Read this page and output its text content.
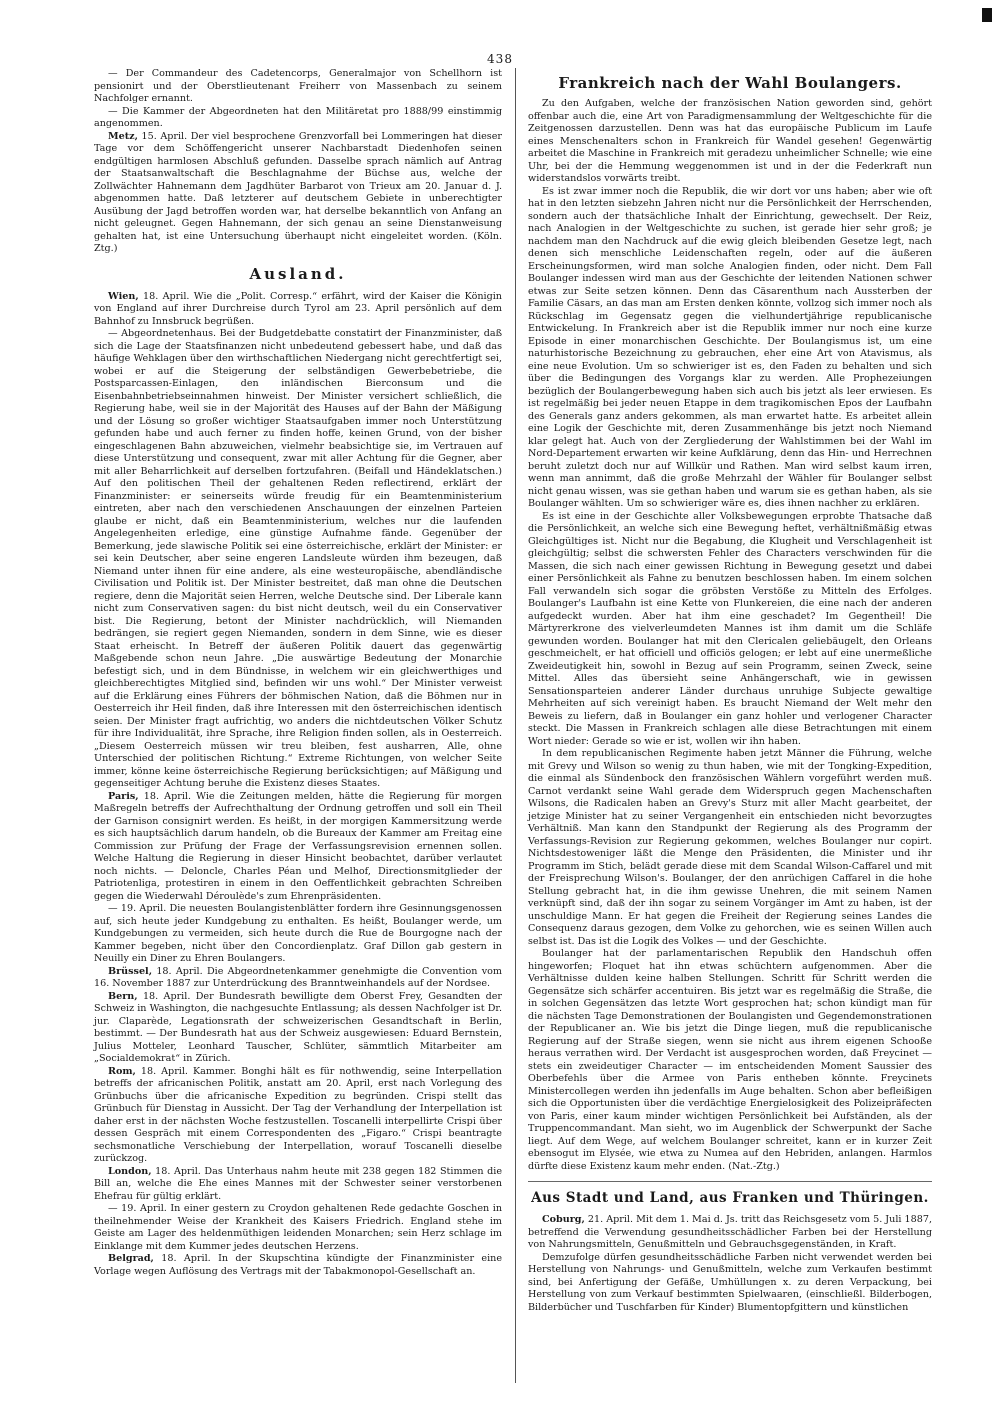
438

— Der Commandeur des Cadetencorps, Generalmajor von Schellhorn ist pensionirt und der Oberstlieutenant Freiherr von Massenbach zu seinem Nachfolger ernannt.

— Die Kammer der Abgeordneten hat den Militäretat pro 1888/99 einstimmig angenommen.

Metz, 15. April. Der viel besprochene Grenzvorfall bei Lommeringen hat dieser Tage vor dem Schöffengericht unserer Nachbarstadt Diedenhofen seinen endgültigen harmlosen Abschluß gefunden. Dasselbe sprach nämlich auf Antrag der Staatsanwaltschaft die Beschlagnahme der Büchse aus, welche der Zollwächter Hahnemann dem Jagdhüter Barbarot von Trieux am 20. Januar d. J. abgenommen hatte. Daß letzterer auf deutschem Gebiete in unberechtigter Ausübung der Jagd betroffen worden war, hat derselbe bekanntlich von Anfang an nicht geleugnet. Gegen Hahnemann, der sich genau an seine Dienstanweisung gehalten hat, ist eine Untersuchung überhaupt nicht eingeleitet worden. (Köln. Ztg.)

Ausland.

Wien, 18. April. Wie die „Polit. Corresp.“ erfährt, wird der Kaiser die Königin von England auf ihrer Durchreise durch Tyrol am 23. April persönlich auf dem Bahnhof zu Innsbruck begrüßen.

— Abgeordnetenhaus. Bei der Budgetdebatte constatirt der Finanzminister, daß sich die Lage der Staatsfinanzen nicht unbedeutend gebessert habe, und daß das häufige Wehklagen über den wirthschaftlichen Niedergang nicht gerechtfertigt sei, wobei er auf die Steigerung der selbständigen Gewerbebetriebe, die Postsparcassen-Einlagen, den inländischen Bierconsum und die Eisenbahnbetriebseinnahmen hinweist. Der Minister versichert schließlich, die Regierung habe, weil sie in der Majorität des Hauses auf der Bahn der Mäßigung und der Lösung so großer wichtiger Staatsaufgaben immer noch Unterstützung gefunden habe und auch ferner zu finden hoffe, keinen Grund, von der bisher eingeschlagenen Bahn abzuweichen, vielmehr beabsichtige sie, im Vertrauen auf diese Unterstützung und consequent, zwar mit aller Achtung für die Gegner, aber mit aller Beharrlichkeit auf derselben fortzufahren. (Beifall und Händeklatschen.) Auf den politischen Theil der gehaltenen Reden reflectirend, erklärt der Finanzminister: er seinerseits würde freudig für ein Beamtenministerium eintreten, aber nach den verschiedenen Anschauungen der einzelnen Parteien glaube er nicht, daß ein Beamtenministerium, welches nur die laufenden Angelegenheiten erledige, eine günstige Aufnahme fände. Gegenüber der Bemerkung, jede slawische Politik sei eine österreichische, erklärt der Minister: er sei kein Deutscher, aber seine engeren Landsleute würden ihm bezeugen, daß Niemand unter ihnen für eine andere, als eine westeuropäische, abendländische Civilisation und Politik ist. Der Minister bestreitet, daß man ohne die Deutschen regiere, denn die Majorität seien Herren, welche Deutsche sind. Der Liberale kann nicht zum Conservativen sagen: du bist nicht deutsch, weil du ein Conservativer bist. Die Regierung, betont der Minister nachdrücklich, will Niemanden bedrängen, sie regiert gegen Niemanden, sondern in dem Sinne, wie es dieser Staat erheischt. In Betreff der äußeren Politik dauert das gegenwärtig Maßgebende schon neun Jahre. „Die auswärtige Bedeutung der Monarchie befestigt sich, und in dem Bündnisse, in welchem wir ein gleichwerthiges und gleichberechtigtes Mitglied sind, befinden wir uns wohl.“ Der Minister verweist auf die Erklärung eines Führers der böhmischen Nation, daß die Böhmen nur in Oesterreich ihr Heil finden, daß ihre Interessen mit den österreichischen identisch seien. Der Minister fragt aufrichtig, wo anders die nichtdeutschen Völker Schutz für ihre Individualität, ihre Sprache, ihre Religion finden sollen, als in Oesterreich. „Diesem Oesterreich müssen wir treu bleiben, fest ausharren, Alle, ohne Unterschied der politischen Richtung.“ Extreme Richtungen, von welcher Seite immer, könne keine österreichische Regierung berücksichtigen; auf Mäßigung und gegenseitiger Achtung beruhe die Existenz dieses Staates.

Paris, 18. April. Wie die Zeitungen melden, hätte die Regierung für morgen Maßregeln betreffs der Aufrechthaltung der Ordnung getroffen und soll ein Theil der Garnison consignirt werden. Es heißt, in der morgigen Kammersitzung werde es sich hauptsächlich darum handeln, ob die Bureaux der Kammer am Freitag eine Commission zur Prüfung der Frage der Verfassungsrevision ernennen sollen. Welche Haltung die Regierung in dieser Hinsicht beobachtet, darüber verlautet noch nichts. — Deloncle, Charles Péan und Melhof, Directionsmitglieder der Patriotenliga, protestiren in einem in den Oeffentlichkeit gebrachten Schreiben gegen die Wiederwahl Déroulède's zum Ehrenpräsidenten.

— 19. April. Die neuesten Boulangistenblätter fordern ihre Gesinnungsgenossen auf, sich heute jeder Kundgebung zu enthalten. Es heißt, Boulanger werde, um Kundgebungen zu vermeiden, sich heute durch die Rue de Bourgogne nach der Kammer begeben, nicht über den Concordienplatz. Graf Dillon gab gestern in Neuilly ein Diner zu Ehren Boulangers.

Brüssel, 18. April. Die Abgeordnetenkammer genehmigte die Convention vom 16. November 1887 zur Unterdrückung des Branntweinhandels auf der Nordsee.

Bern, 18. April. Der Bundesrath bewilligte dem Oberst Frey, Gesandten der Schweiz in Washington, die nachgesuchte Entlassung; als dessen Nachfolger ist Dr. jur. Claparède, Legationsrath der schweizerischen Gesandtschaft in Berlin, bestimmt. — Der Bundesrath hat aus der Schweiz ausgewiesen: Eduard Bernstein, Julius Motteler, Leonhard Tauscher, Schlüter, sämmtlich Mitarbeiter am „Socialdemokrat“ in Zürich.

Rom, 18. April. Kammer. Bonghi hält es für nothwendig, seine Interpellation betreffs der africanischen Politik, anstatt am 20. April, erst nach Vorlegung des Grünbuchs über die africanische Expedition zu begründen. Crispi stellt das Grünbuch für Dienstag in Aussicht. Der Tag der Verhandlung der Interpellation ist daher erst in der nächsten Woche festzustellen. Toscanelli interpellirte Crispi über dessen Gespräch mit einem Correspondenten des „Figaro.“ Crispi beantragte sechsmonatliche Verschiebung der Interpellation, worauf Toscanelli dieselbe zurückzog.

London, 18. April. Das Unterhaus nahm heute mit 238 gegen 182 Stimmen die Bill an, welche die Ehe eines Mannes mit der Schwester seiner verstorbenen Ehefrau für gültig erklärt.

— 19. April. In einer gestern zu Croydon gehaltenen Rede gedachte Goschen in theilnehmender Weise der Krankheit des Kaisers Friedrich. England stehe im Geiste am Lager des heldenmüthigen leidenden Monarchen; sein Herz schlage im Einklange mit dem Kummer jedes deutschen Herzens.

Belgrad, 18. April. In der Skupschtina kündigte der Finanzminister eine Vorlage wegen Auflösung des Vertrags mit der Tabakmonopol-Gesellschaft an.

Frankreich nach der Wahl Boulangers.

Zu den Aufgaben, welche der französischen Nation geworden sind, gehört offenbar auch die, eine Art von Paradigmensammlung der Weltgeschichte für die Zeitgenossen darzustellen. Denn was hat das europäische Publicum im Laufe eines Menschenalters schon in Frankreich für Wandel gesehen! Gegenwärtig arbeitet die Maschine in Frankreich mit geradezu unheimlicher Schnelle; wie eine Uhr, bei der die Hemmung weggenommen ist und in der die Federkraft nun widerstandslos vorwärts treibt.

Es ist zwar immer noch die Republik, die wir dort vor uns haben; aber wie oft hat in den letzten siebzehn Jahren nicht nur die Persönlichkeit der Herrschenden, sondern auch der thatsächliche Inhalt der Einrichtung, gewechselt. Der Reiz, nach Analogien in der Weltgeschichte zu suchen, ist gerade hier sehr groß; je nachdem man den Nachdruck auf die ewig gleich bleibenden Gesetze legt, nach denen sich menschliche Leidenschaften regeln, oder auf die äußeren Erscheinungsformen, wird man solche Analogien finden, oder nicht. Dem Fall Boulanger indessen wird man aus der Geschichte der leitenden Nationen schwer etwas zur Seite setzen können. Denn das Cäsarenthum nach Aussterben der Familie Cäsars, an das man am Ersten denken könnte, vollzog sich immer noch als Rückschlag im Gegensatz gegen die vielhundertjährige republicanische Entwickelung. In Frankreich aber ist die Republik immer nur noch eine kurze Episode in einer monarchischen Geschichte. Der Boulangismus ist, um eine naturhistorische Bezeichnung zu gebrauchen, eher eine Art von Atavismus, als eine neue Evolution. Um so schwieriger ist es, den Faden zu behalten und sich über die Bedingungen des Vorgangs klar zu werden. Alle Prophezeiungen bezüglich der Boulangerbewegung haben sich auch bis jetzt als leer erwiesen. Es ist regelmäßig bei jeder neuen Etappe in dem tragikomischen Epos der Laufbahn des Generals ganz anders gekommen, als man erwartet hatte. Es arbeitet allein eine Logik der Geschichte mit, deren Zusammenhänge bis jetzt noch Niemand klar gelegt hat. Auch von der Zergliederung der Wahlstimmen bei der Wahl im Nord-Departement erwarten wir keine Aufklärung, denn das Hin- und Herrechnen beruht zuletzt doch nur auf Willkür und Rathen. Man wird selbst kaum irren, wenn man annimmt, daß die große Mehrzahl der Wähler für Boulanger selbst nicht genau wissen, was sie gethan haben und warum sie es gethan haben, als sie Boulanger wählten. Um so schwieriger wäre es, dies ihnen nachher zu erklären.

Es ist eine in der Geschichte aller Volksbewegungen erprobte Thatsache daß die Persönlichkeit, an welche sich eine Bewegung heftet, verhältnißmäßig etwas Gleichgültiges ist. Nicht nur die Begabung, die Klugheit und Verschlagenheit ist gleichgültig; selbst die schwersten Fehler des Characters verschwinden für die Massen, die sich nach einer gewissen Richtung in Bewegung gesetzt und dabei einer Persönlichkeit als Fahne zu benutzen beschlossen haben. Im einem solchen Fall verwandeln sich sogar die gröbsten Verstöße zu Mitteln des Erfolges. Boulanger's Laufbahn ist eine Kette von Flunkereien, die eine nach der anderen aufgedeckt wurden. Aber hat ihm eine geschadet? Im Gegentheil! Die Märtyrerkrone des vielverleumdeten Mannes ist ihm damit um die Schläfe gewunden worden. Boulanger hat mit den Clericalen geliebäugelt, den Orleans geschmeichelt, er hat officiell und officiös gelogen; er lebt auf eine unermeßliche Zweideutigkeit hin, sowohl in Bezug auf sein Programm, seinen Zweck, seine Mittel. Alles das übersieht seine Anhängerschaft, wie in gewissen Sensationsparteien anderer Länder durchaus unruhige Subjecte gewaltige Mehrheiten auf sich vereinigt haben. Es braucht Niemand der Welt mehr den Beweis zu liefern, daß in Boulanger ein ganz hohler und verlogener Character steckt. Die Massen in Frankreich schlagen alle diese Betrachtungen mit einem Wort nieder: Gerade so wie er ist, wollen wir ihn haben.

In dem republicanischen Regimente haben jetzt Männer die Führung, welche mit Grevy und Wilson so wenig zu thun haben, wie mit der Tongking-Expedition, die einmal als Sündenbock den französischen Wählern vorgeführt werden muß. Carnot verdankt seine Wahl gerade dem Widerspruch gegen Machenschaften Wilsons, die Radicalen haben an Grevy's Sturz mit aller Macht gearbeitet, der jetzige Minister hat zu seiner Vergangenheit ein entschieden nicht bevorzugtes Verhältniß. Man kann den Standpunkt der Regierung als des Programm der Verfassungs-Revision zur Regierung gekommen, welches Boulanger nur copirt. Nichtsdestoweniger läßt die Menge den Präsidenten, die Minister und ihr Programm im Stich, belädt gerade diese mit dem Scandal Wilson-Caffarel und mit der Freisprechung Wilson's. Boulanger, der den anrüchigen Caffarel in die hohe Stellung gebracht hat, in die ihm gewisse Unehren, die mit seinem Namen verknüpft sind, daß der ihn sogar zu seinem Vorgänger im Amt zu haben, ist der unschuldige Mann. Er hat gegen die Freiheit der Regierung seines Landes die Consequenz daraus gezogen, dem Volke zu gehorchen, wie es seinen Willen auch selbst ist. Das ist die Logik des Volkes — und der Geschichte.

Boulanger hat der parlamentarischen Republik den Handschuh offen hingeworfen; Floquet hat ihn etwas schüchtern aufgenommen. Aber die Verhältnisse dulden keine halben Stellungen. Schritt für Schritt werden die Gegensätze sich schärfer accentuiren. Bis jetzt war es regelmäßig die Straße, die in solchen Gegensätzen das letzte Wort gesprochen hat; schon kündigt man für die nächsten Tage Demonstrationen der Boulangisten und Gegendemonstrationen der Republicaner an. Wie bis jetzt die Dinge liegen, muß die republicanische Regierung auf der Straße siegen, wenn sie nicht aus ihrem eigenen Schooße heraus verrathen wird. Der Verdacht ist ausgesprochen worden, daß Freycinet — stets ein zweideutiger Character — im entscheidenden Moment Saussier des Oberbefehls über die Armee von Paris entheben könnte. Freycinets Ministercollegen werden ihn jedenfalls im Auge behalten. Schon aber befleißigen sich die Opportunisten über die verdächtige Energielosigkeit des Polizeipräfecten von Paris, einer kaum minder wichtigen Persönlichkeit bei Aufständen, als der Truppencommandant. Man sieht, wo im Augenblick der Schwerpunkt der Sache liegt. Auf dem Wege, auf welchem Boulanger schreitet, kann er in kurzer Zeit ebensogut im Elysée, wie etwa zu Numea auf den Hebriden, anlangen. Harmlos dürfte diese Existenz kaum mehr enden. (Nat.-Ztg.)

Aus Stadt und Land, aus Franken und Thüringen.

Coburg, 21. April. Mit dem 1. Mai d. Js. tritt das Reichsgesetz vom 5. Juli 1887, betreffend die Verwendung gesundheitsschädlicher Farben bei der Herstellung von Nahrungsmitteln, Genußmitteln und Gebrauchsgegenständen, in Kraft.

Demzufolge dürfen gesundheitsschädliche Farben nicht verwendet werden bei Herstellung von Nahrungs- und Genußmitteln, welche zum Verkaufen bestimmt sind, bei Anfertigung der Gefäße, Umhüllungen x. zu deren Verpackung, bei Herstellung von zum Verkauf bestimmten Spielwaaren, (einschließl. Bilderbogen, Bilderbücher und Tuschfarben für Kinder) Blumentopfgittern und künstlichen
